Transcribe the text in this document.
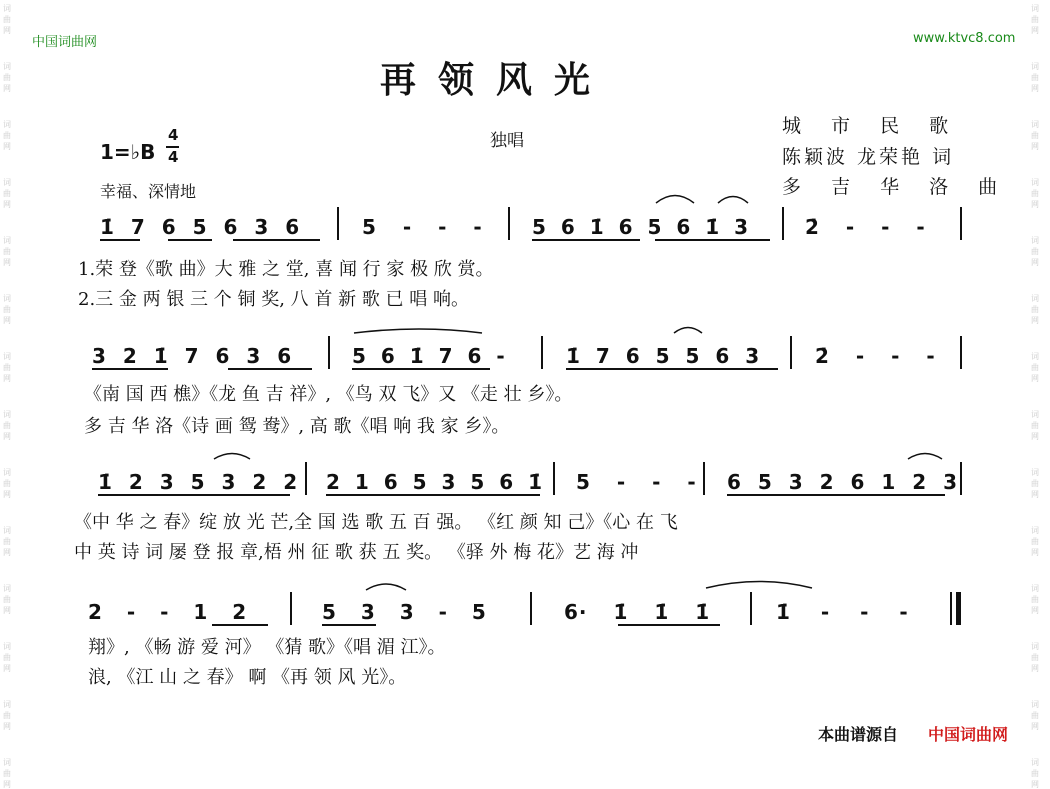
词
曲
网
词
曲
网
词
曲
网
词
曲
网
词
曲
网
词
曲
网
词
曲
网
词
曲
网
词
曲
网
词
曲
网
词
曲
网
词
曲
网
词
曲
网
词
曲
网
词
曲
网
词
曲
网
词
曲
网
词
曲
网
词
曲
网
词
曲
网
词
曲
网
词
曲
网
词
曲
网
词
曲
网
词
曲
网
词
曲
网
词
曲
网
词
曲
网
中国词曲网	www.ktvc8.com
再领风光
独唱
1=♭B
4
4
幸福、深情地
城 市 民 歌
陈颖波 龙荣艳 词
多 吉 华 洛 曲
1̇ 7 6 5 6 3 6	5 - - - 5 6 1̇ 6 5 6 1̇ 3	2̇ - - -
1.荣 登《歌 曲》大 雅 之 堂, 喜 闻 行 家 极 欣 赏。
2.三 金 两 银 三 个 铜 奖, 八 首 新 歌 已 唱 响。
3 2 1̇ 7 6 3 6	5 6 1̇ 7 6 -	1̇ 7 6 5 5 6 3	2̇ - - -
《南 国 西 樵》《龙 鱼 吉 祥》, 《鸟 双 飞》又 《走 壮 乡》。
多 吉 华 洛《诗 画 鸳 鸯》, 高 歌《唱 响 我 家 乡》。
1̇ 2 3 5 3 2 2 2 1 6 5 3 5 6 1̇ 5 - - - 6 5 3 2 6 1 2 3
《中 华 之 春》绽 放 光 芒,全 国 选 歌 五 百 强。 《红 颜 知 己》《心 在 飞
中 英 诗 词 屡 登 报 章,梧 州 征 歌 获 五 奖。 《驿 外 梅 花》艺 海 冲
2 - - 1 2	5 3 3 - 5	6· 1̇ 1̇ 1̇	1̇ - - -
翔》, 《畅 游 爱 河》 《猜 歌》《唱 湄 江》。
浪, 《江 山 之 春》 啊 《再 领 风 光》。
本曲谱源自 中国词曲网
